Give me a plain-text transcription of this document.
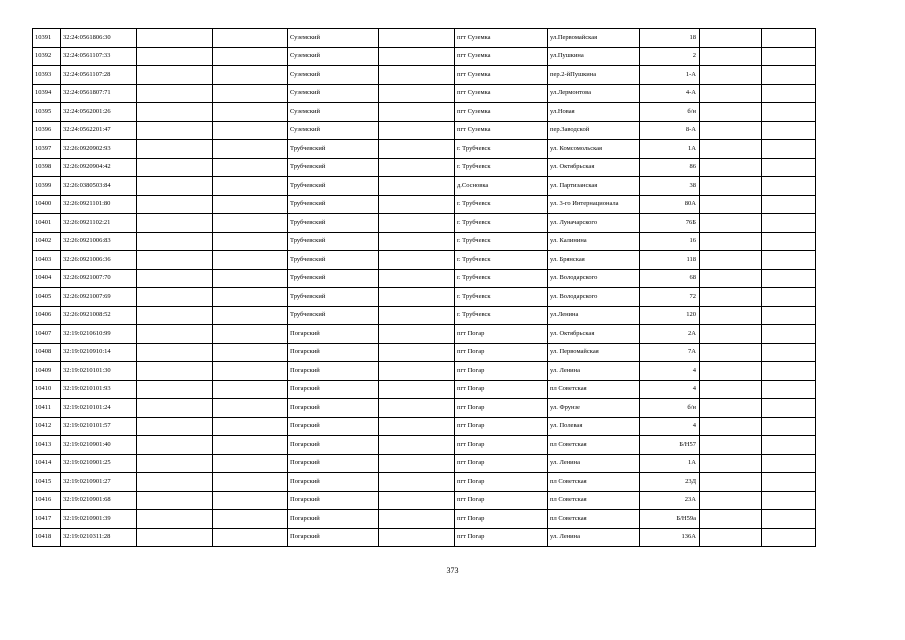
10391	32:24:0561806:30			Суземский		пгт Суземка	ул.Первомайская	18		
10392	32:24:0561107:33			Суземский		пгт Суземка	ул.Пушкина	2		
10393	32:24:0561107:28			Суземский		пгт Суземка	пер.2-йПушкина	1-А		
10394	32:24:0561807:71			Суземский		пгт Суземка	ул.Лермонтова	4-А		
10395	32:24:0562001:26			Суземский		пгт Суземка	ул.Новая	б/н		
10396	32:24:0562201:47			Суземский		пгт Суземка	пер.Заводской	8-А		
10397	32:26:0920902:93			Трубчевский		г. Трубчевск	ул. Комсомольская	1А		
10398	32:26:0920904:42			Трубчевский		г. Трубчевск	ул. Октябрьская	86		
10399	32:26:0380503:84			Трубчевский		д.Сосновка	ул. Партизанская	38		
10400	32:26:0921101:80			Трубчевский		г. Трубчевск	ул. 3-го Интернационала	80А		
10401	32:26:0921102:21			Трубчевский		г. Трубчевск	ул. Луначарского	76Б		
10402	32:26:0921006:83			Трубчевский		г. Трубчевск	ул. Калинина	16		
10403	32:26:0921006:36			Трубчевский		г. Трубчевск	ул. Брянская	118		
10404	32:26:0921007:70			Трубчевский		г. Трубчевск	ул. Володарского	68		
10405	32:26:0921007:69			Трубчевский		г. Трубчевск	ул. Володарского	72		
10406	32:26:0921008:52			Трубчевский		г. Трубчевск	ул.Ленина	120		
10407	32:19:0210610:99			Погарский		пгт Погар	ул. Октябрьская	2А		
10408	32:19:0210910:14			Погарский		пгт Погар	ул. Первомайская	7А		
10409	32:19:0210101:30			Погарский		пгт Погар	ул. Ленина	4		
10410	32:19:0210101:93			Погарский		пгт Погар	пл Советская	4		
10411	32:19:0210101:24			Погарский		пгт Погар	ул. Фрунзе	б/н		
10412	32:19:0210101:57			Погарский		пгт Погар	ул. Полевая	4		
10413	32:19:0210901:40			Погарский		пгт Погар	пл Советская	Б/Н57		
10414	32:19:0210901:25			Погарский		пгт Погар	ул. Ленина	1А		
10415	32:19:0210901:27			Погарский		пгт Погар	пл Советская	23Д		
10416	32:19:0210901:68			Погарский		пгт Погар	пл Советская	23А		
10417	32:19:0210901:39			Погарский		пгт Погар	пл Советская	Б/Н59а		
10418	32:19:0210311:28			Погарский		пгт Погар	ул. Ленина	136А		
373
